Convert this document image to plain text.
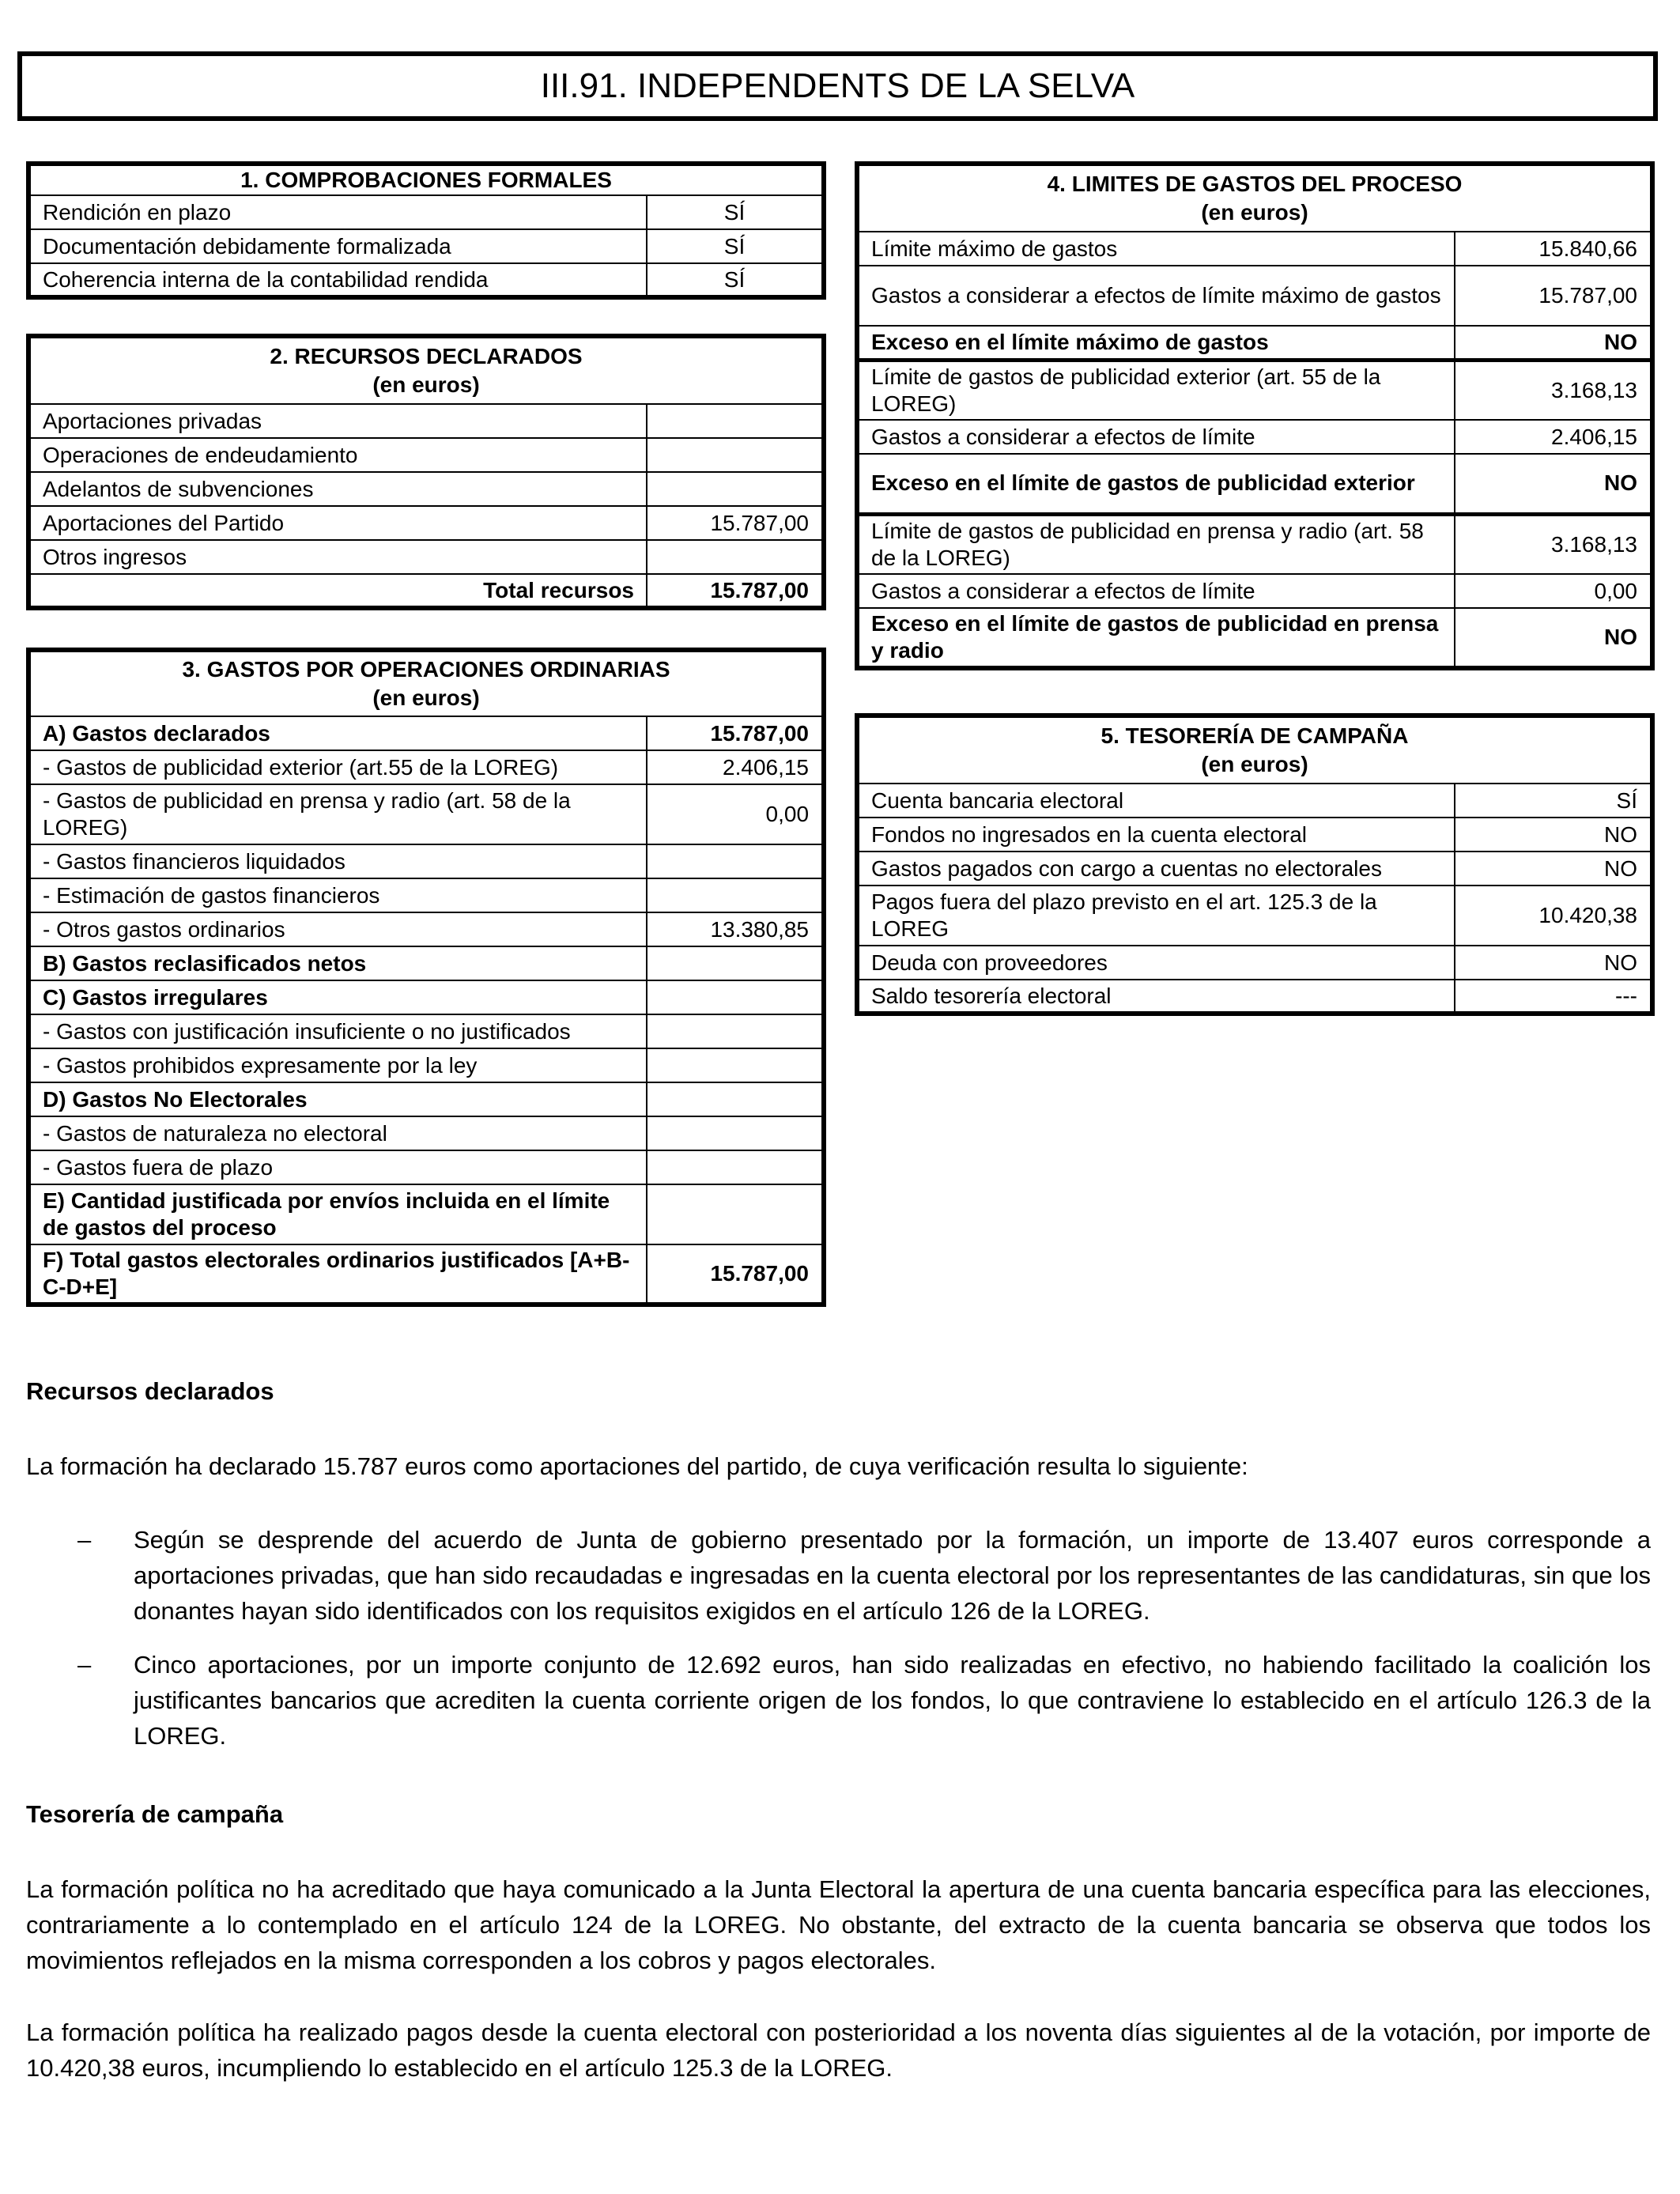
III.91. INDEPENDENTS DE LA SELVA
1. COMPROBACIONES FORMALES	
Rendición en plazo	SÍ
Documentación debidamente formalizada	SÍ
Coherencia interna de la contabilidad rendida	SÍ
2. RECURSOS DECLARADOS
(en euros)	

Aportaciones privadas	
Operaciones de endeudamiento	
Adelantos de subvenciones	
Aportaciones del Partido	15.787,00
Otros ingresos	
Total recursos	15.787,00
3. GASTOS POR OPERACIONES ORDINARIAS
(en euros)	

A) Gastos declarados	15.787,00
- Gastos de publicidad exterior (art.55 de la LOREG)	2.406,15
- Gastos de publicidad en prensa y radio (art. 58 de la LOREG)	0,00
- Gastos financieros liquidados	
- Estimación de gastos financieros	
- Otros gastos ordinarios	13.380,85
B) Gastos reclasificados netos	
C) Gastos irregulares	
- Gastos con justificación insuficiente o no justificados	
- Gastos prohibidos expresamente por la ley	
D) Gastos No Electorales	
- Gastos de naturaleza no electoral	
- Gastos fuera de plazo	
E) Cantidad justificada por envíos incluida en el límite de gastos del proceso	
F) Total gastos electorales ordinarios justificados [A+B-C-D+E]	15.787,00
4. LIMITES DE GASTOS DEL PROCESO
(en euros)	

Límite máximo de gastos	15.840,66
Gastos a considerar a efectos de límite máximo de gastos	15.787,00
Exceso en el límite máximo de gastos	NO
Límite de gastos de publicidad exterior (art. 55 de la LOREG)	3.168,13
Gastos a considerar a efectos de límite	2.406,15
Exceso en el límite de gastos de publicidad exterior	NO
Límite de gastos de publicidad en prensa y radio (art. 58 de la LOREG)	3.168,13
Gastos a considerar a efectos de límite	0,00
Exceso en el límite de gastos de publicidad en prensa y radio	NO
5. TESORERÍA DE CAMPAÑA
(en euros)	

Cuenta bancaria electoral	SÍ
Fondos no ingresados en la cuenta electoral	NO
Gastos pagados con cargo a cuentas no electorales	NO
Pagos fuera del plazo previsto en el art. 125.3 de la LOREG	10.420,38
Deuda con proveedores	NO
Saldo tesorería electoral	---
Recursos declarados
La formación ha declarado 15.787 euros como aportaciones del partido, de cuya verificación resulta lo siguiente:
– Según se desprende del acuerdo de Junta de gobierno presentado por la formación, un importe de 13.407 euros corresponde a aportaciones privadas, que han sido recaudadas e ingresadas en la cuenta electoral por los representantes de las candidaturas, sin que los donantes hayan sido identificados con los requisitos exigidos en el artículo 126 de la LOREG.
– Cinco aportaciones, por un importe conjunto de 12.692 euros, han sido realizadas en efectivo, no habiendo facilitado la coalición los justificantes bancarios que acrediten la cuenta corriente origen de los fondos, lo que contraviene lo establecido en el artículo 126.3 de la LOREG.
Tesorería de campaña
La formación política no ha acreditado que haya comunicado a la Junta Electoral la apertura de una cuenta bancaria específica para las elecciones, contrariamente a lo contemplado en el artículo 124 de la LOREG. No obstante, del extracto de la cuenta bancaria se observa que todos los movimientos reflejados en la misma corresponden a los cobros y pagos electorales.
La formación política ha realizado pagos desde la cuenta electoral con posterioridad a los noventa días siguientes al de la votación, por importe de 10.420,38 euros, incumpliendo lo establecido en el artículo 125.3 de la LOREG.
